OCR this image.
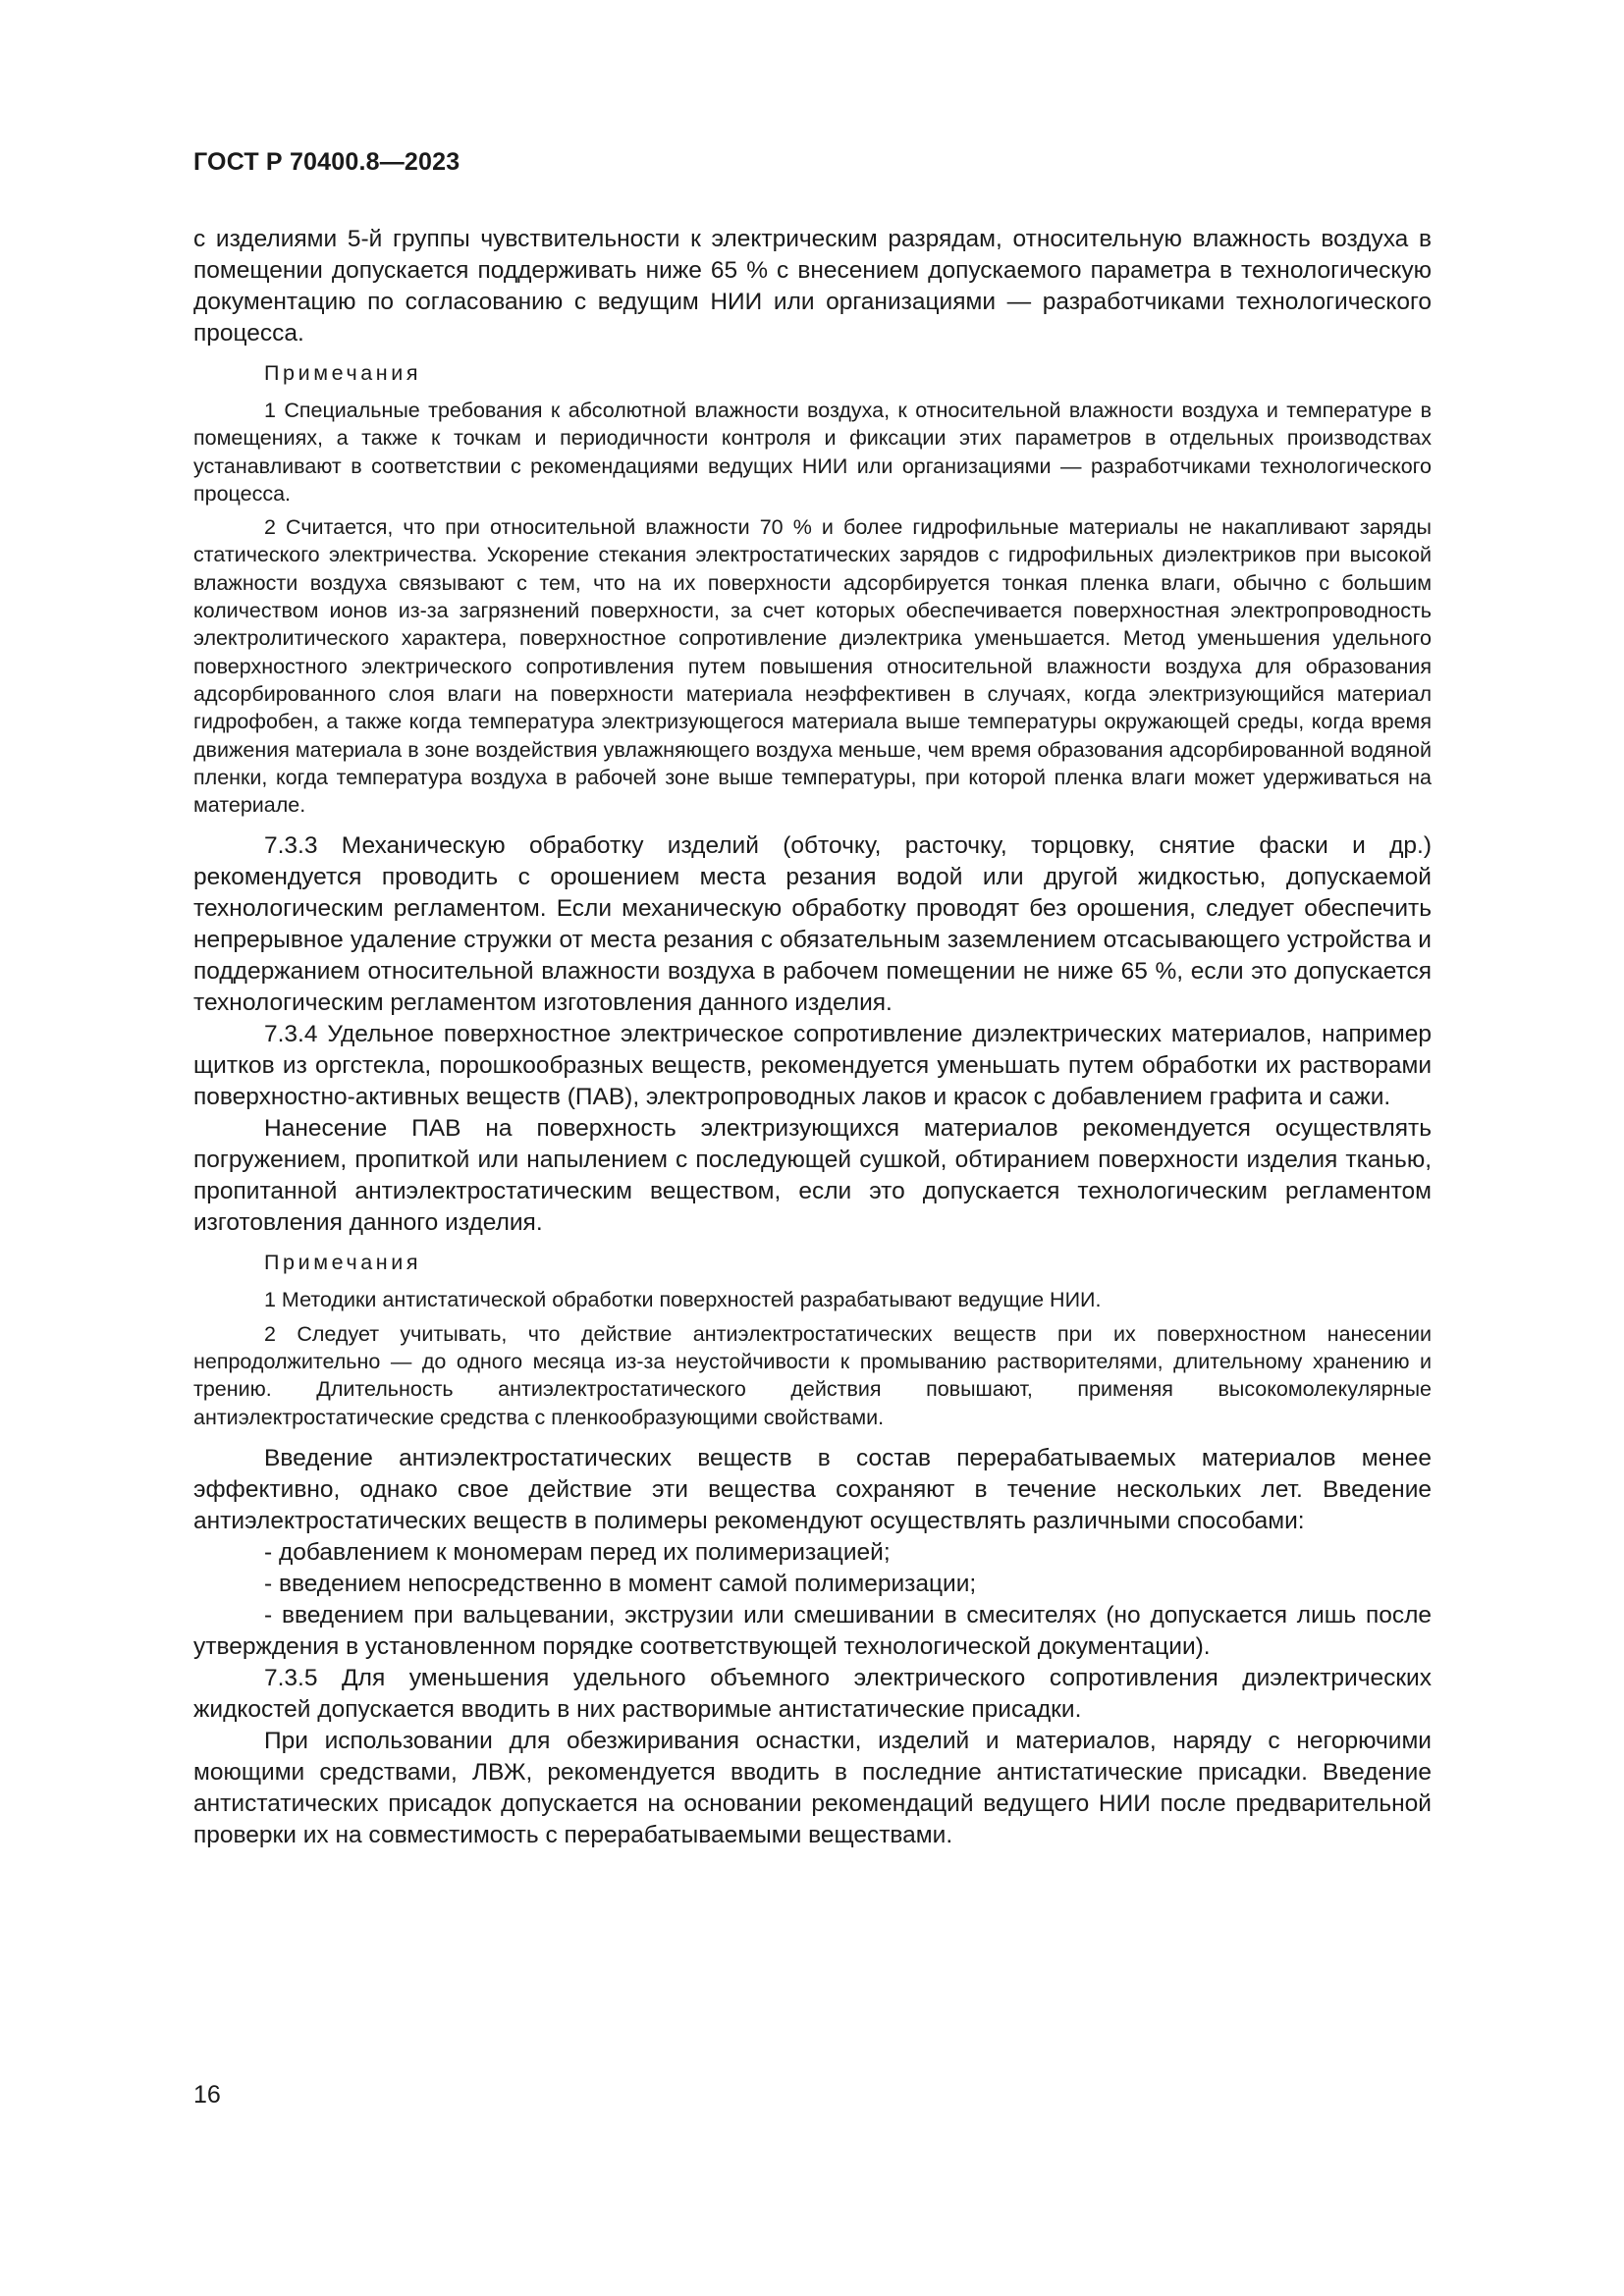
ГОСТ Р 70400.8—2023

с изделиями 5-й группы чувствительности к электрическим разрядам, относительную влажность воздуха в помещении допускается поддерживать ниже 65 % с внесением допускаемого параметра в технологическую документацию по согласованию с ведущим НИИ или организациями — разработчиками технологического процесса.

Примечания

1 Специальные требования к абсолютной влажности воздуха, к относительной влажности воздуха и температуре в помещениях, а также к точкам и периодичности контроля и фиксации этих параметров в отдельных производствах устанавливают в соответствии с рекомендациями ведущих НИИ или организациями — разработчиками технологического процесса.

2 Считается, что при относительной влажности 70 % и более гидрофильные материалы не накапливают заряды статического электричества. Ускорение стекания электростатических зарядов с гидрофильных диэлектриков при высокой влажности воздуха связывают с тем, что на их поверхности адсорбируется тонкая пленка влаги, обычно с большим количеством ионов из-за загрязнений поверхности, за счет которых обеспечивается поверхностная электропроводность электролитического характера, поверхностное сопротивление диэлектрика уменьшается. Метод уменьшения удельного поверхностного электрического сопротивления путем повышения относительной влажности воздуха для образования адсорбированного слоя влаги на поверхности материала неэффективен в случаях, когда электризующийся материал гидрофобен, а также когда температура электризующегося материала выше температуры окружающей среды, когда время движения материала в зоне воздействия увлажняющего воздуха меньше, чем время образования адсорбированной водяной пленки, когда температура воздуха в рабочей зоне выше температуры, при которой пленка влаги может удерживаться на материале.

7.3.3 Механическую обработку изделий (обточку, расточку, торцовку, снятие фаски и др.) рекомендуется проводить с орошением места резания водой или другой жидкостью, допускаемой технологическим регламентом. Если механическую обработку проводят без орошения, следует обеспечить непрерывное удаление стружки от места резания с обязательным заземлением отсасывающего устройства и поддержанием относительной влажности воздуха в рабочем помещении не ниже 65 %, если это допускается технологическим регламентом изготовления данного изделия.

7.3.4 Удельное поверхностное электрическое сопротивление диэлектрических материалов, например щитков из оргстекла, порошкообразных веществ, рекомендуется уменьшать путем обработки их растворами поверхностно-активных веществ (ПАВ), электропроводных лаков и красок с добавлением графита и сажи.

Нанесение ПАВ на поверхность электризующихся материалов рекомендуется осуществлять погружением, пропиткой или напылением с последующей сушкой, обтиранием поверхности изделия тканью, пропитанной антиэлектростатическим веществом, если это допускается технологическим регламентом изготовления данного изделия.

Примечания

1 Методики антистатической обработки поверхностей разрабатывают ведущие НИИ.

2 Следует учитывать, что действие антиэлектростатических веществ при их поверхностном нанесении непродолжительно — до одного месяца из-за неустойчивости к промыванию растворителями, длительному хранению и трению. Длительность антиэлектростатического действия повышают, применяя высокомолекулярные антиэлектростатические средства с пленкообразующими свойствами.

Введение антиэлектростатических веществ в состав перерабатываемых материалов менее эффективно, однако свое действие эти вещества сохраняют в течение нескольких лет. Введение антиэлектростатических веществ в полимеры рекомендуют осуществлять различными способами:

- добавлением к мономерам перед их полимеризацией;

- введением непосредственно в момент самой полимеризации;

- введением при вальцевании, экструзии или смешивании в смесителях (но допускается лишь после утверждения в установленном порядке соответствующей технологической документации).

7.3.5 Для уменьшения удельного объемного электрического сопротивления диэлектрических жидкостей допускается вводить в них растворимые антистатические присадки.

При использовании для обезжиривания оснастки, изделий и материалов, наряду с негорючими моющими средствами, ЛВЖ, рекомендуется вводить в последние антистатические присадки. Введение антистатических присадок допускается на основании рекомендаций ведущего НИИ после предварительной проверки их на совместимость с перерабатываемыми веществами.

16
